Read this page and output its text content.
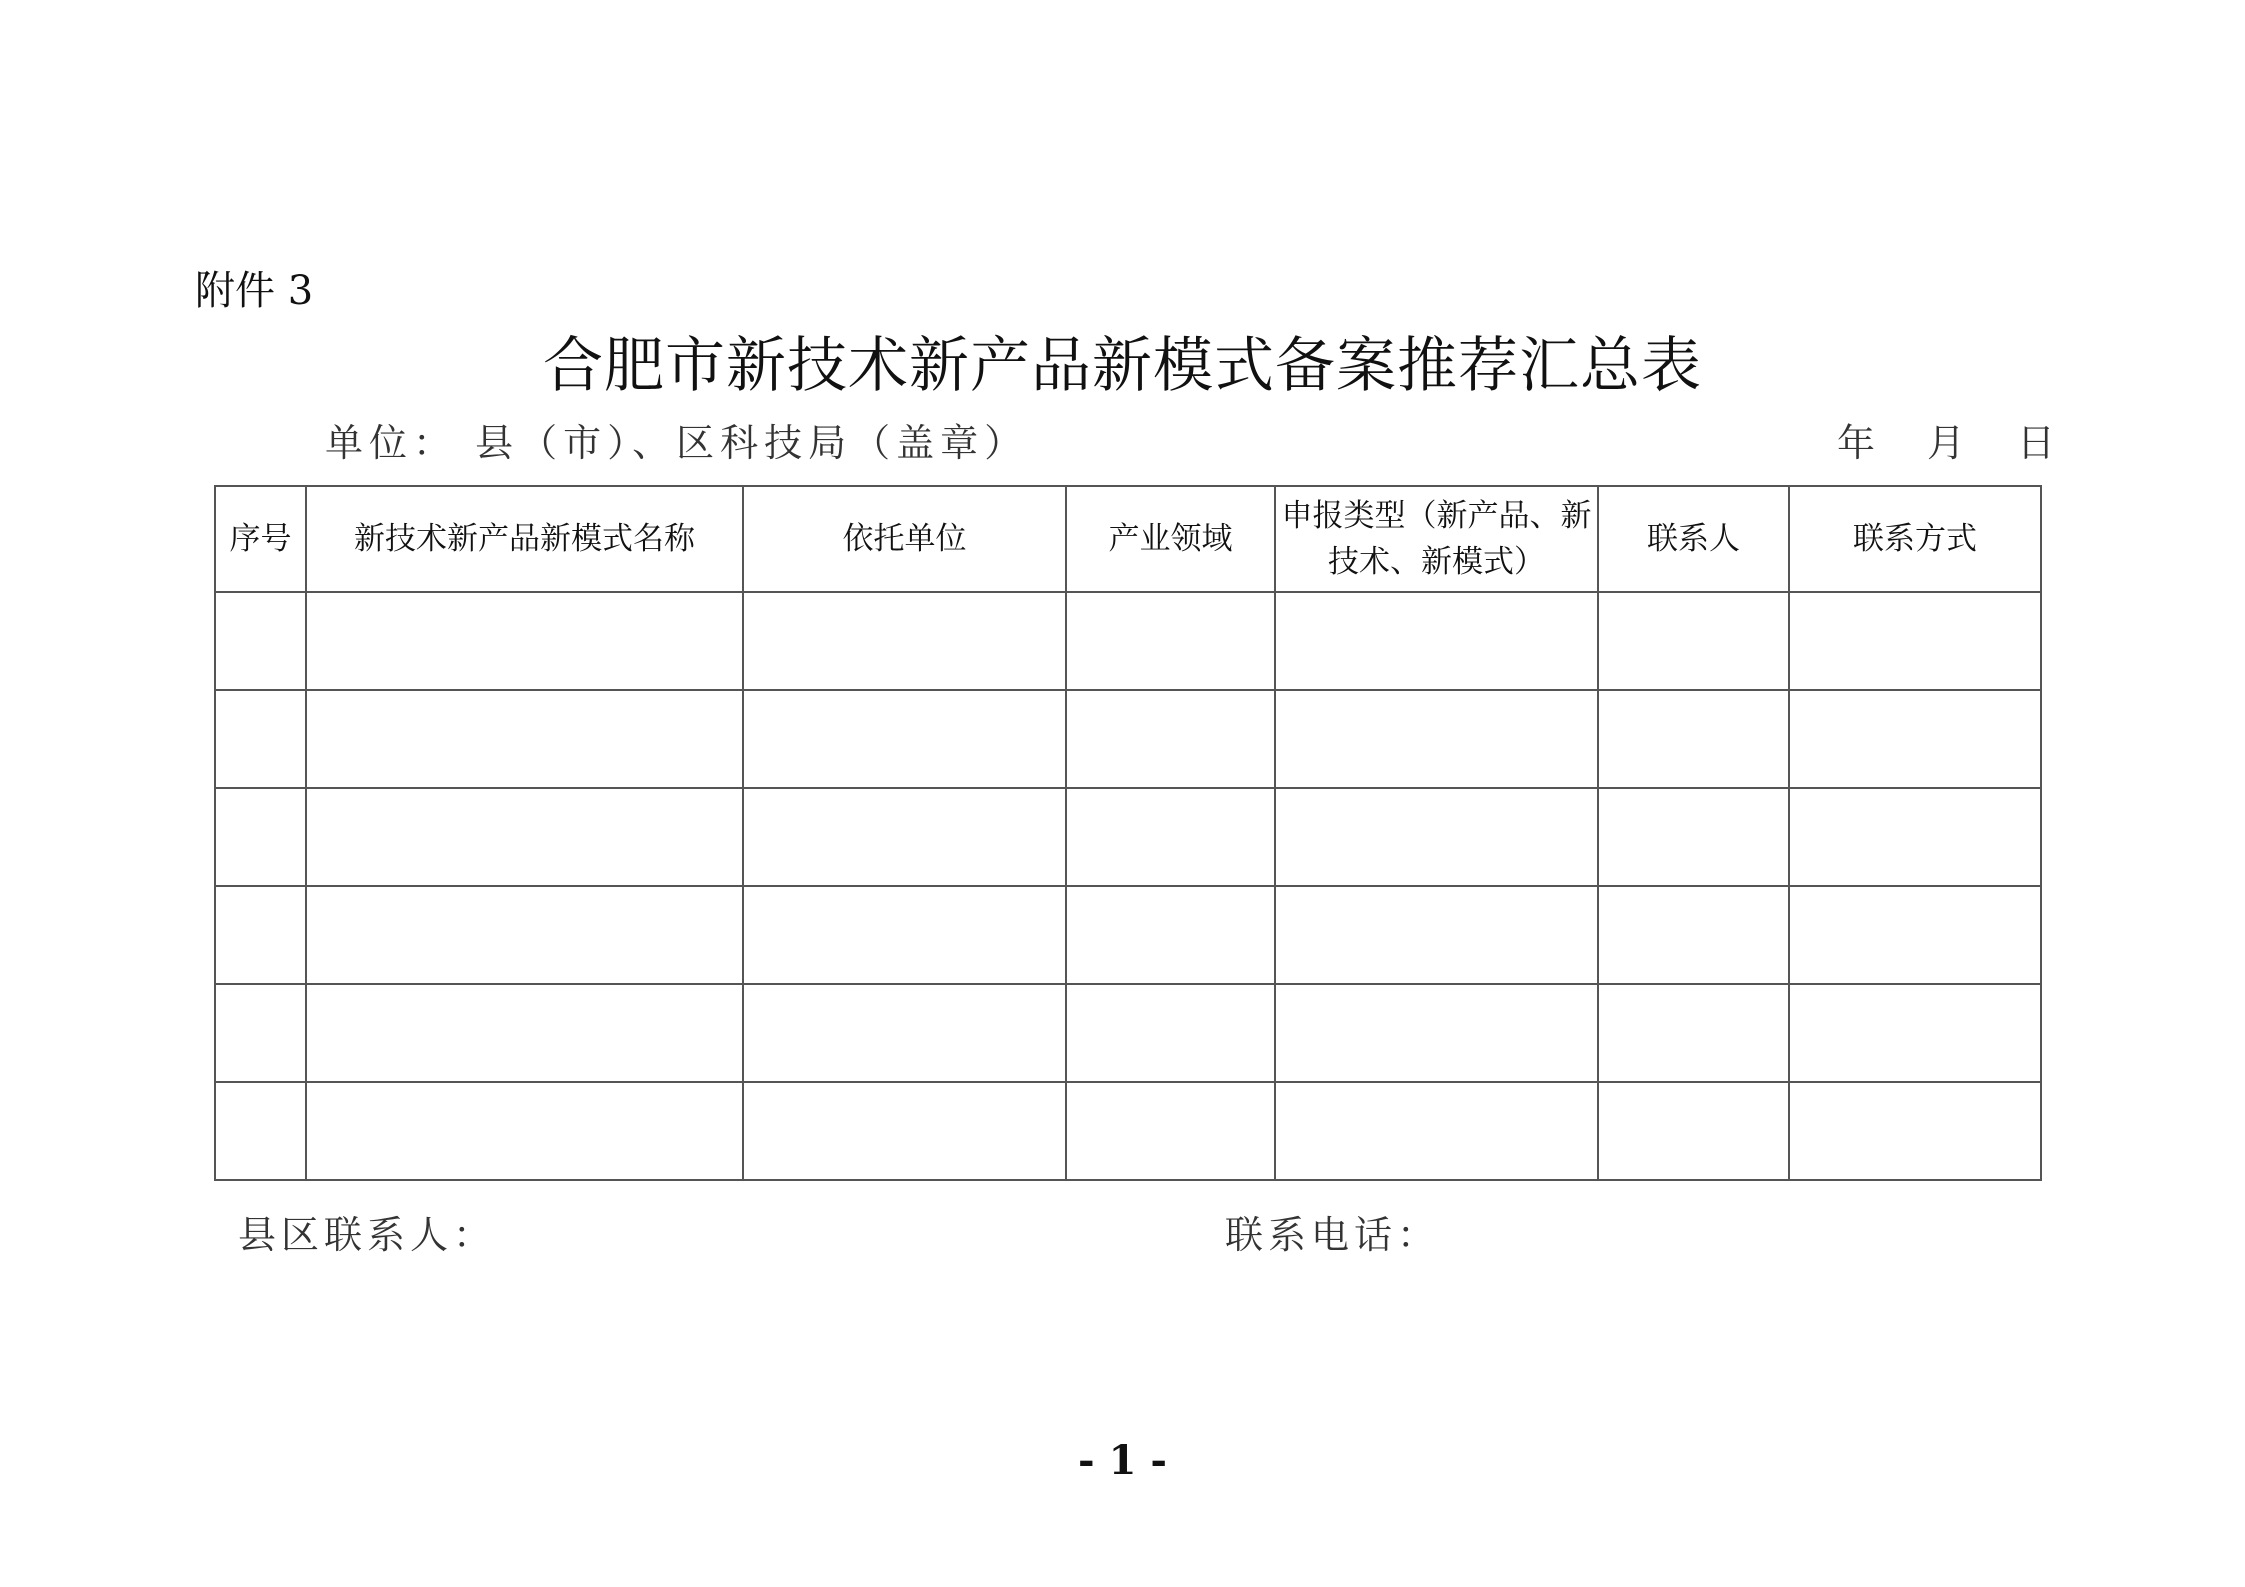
附件 3
合肥市新技术新产品新模式备案推荐汇总表
单位： 县（市）、区科技局（盖章）	年 月 日
序号	新技术新产品新模式名称	依托单位	产业领域	申报类型（新产品、新技术、新模式）	联系人	联系方式

县区联系人：	联系电话：
- 1 -
